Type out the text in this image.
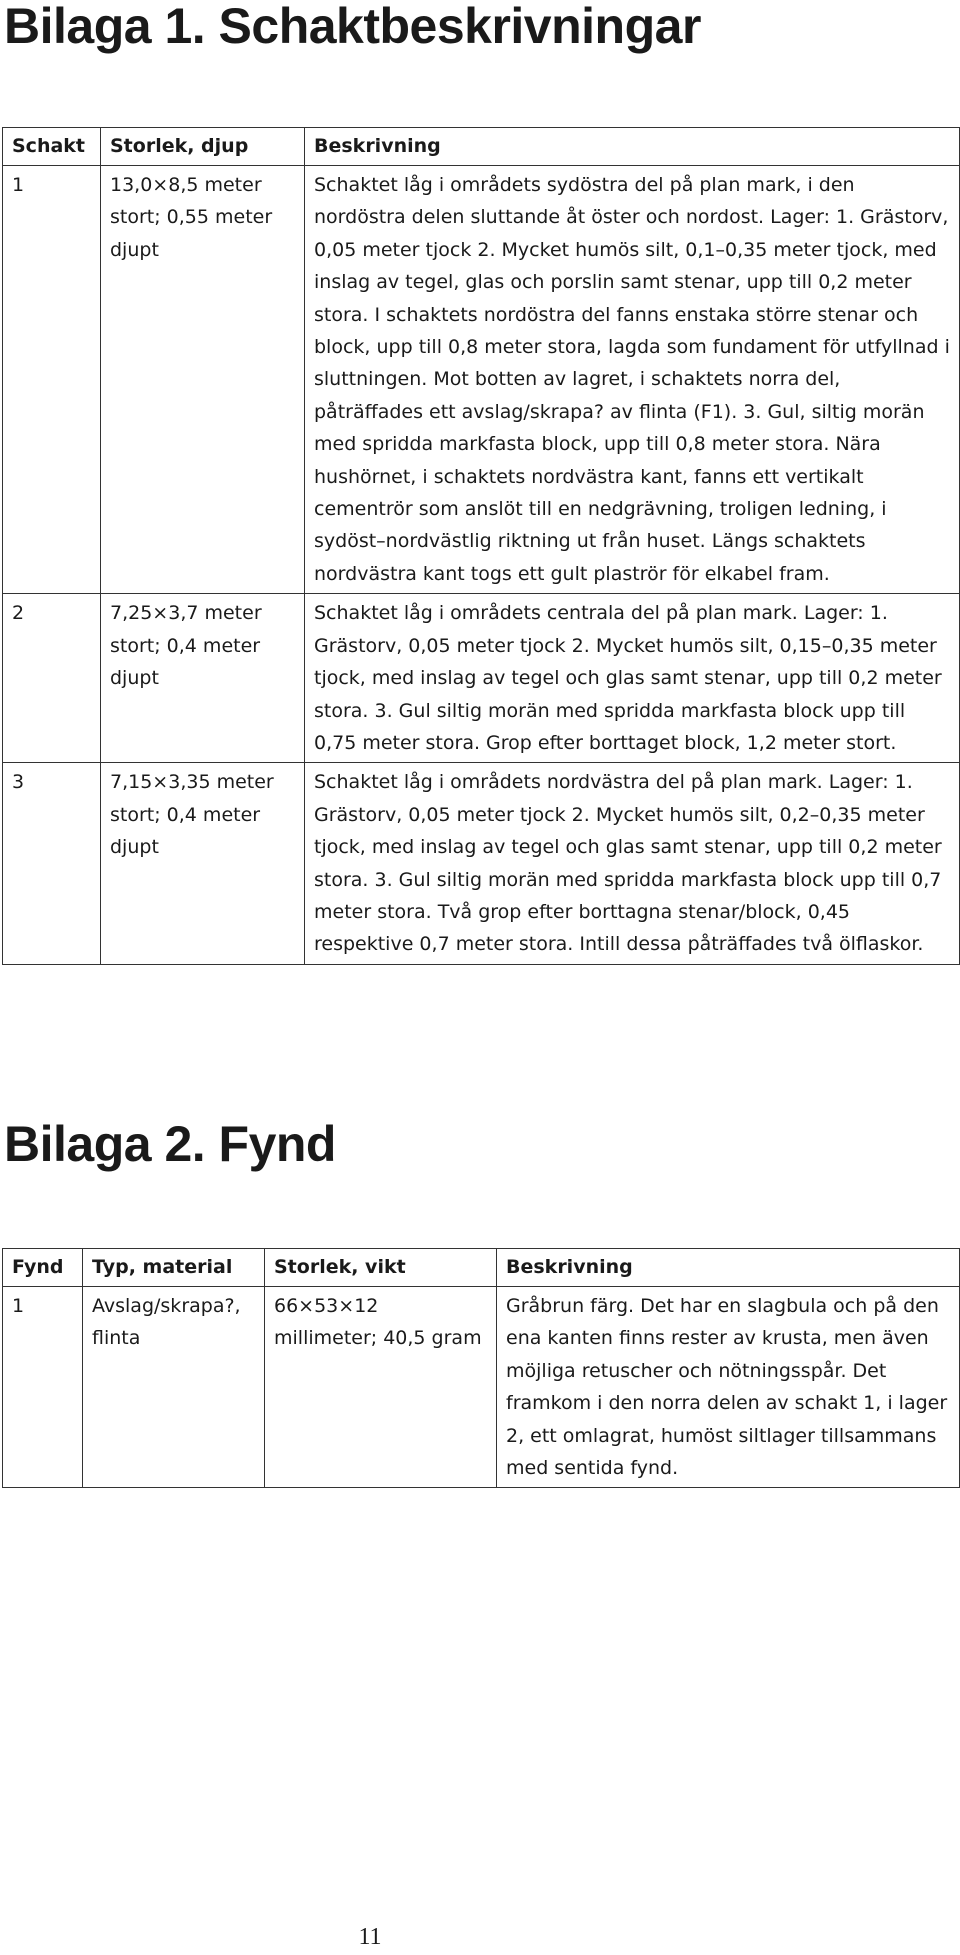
Bilaga 1. Schaktbeskrivningar
Schakt	Storlek, djup	Beskrivning
1	13,0×8,5 meter stort; 0,55 meter djupt	Schaktet låg i områdets sydöstra del på plan mark, i den nordöstra delen sluttande åt öster och nordost. Lager: 1. Grästorv, 0,05 meter tjock 2. Mycket humös silt, 0,1–0,35 meter tjock, med inslag av tegel, glas och porslin samt stenar, upp till 0,2 meter stora. I schaktets nordöstra del fanns enstaka större stenar och block, upp till 0,8 meter stora, lagda som fundament för utfyllnad i sluttningen. Mot botten av lagret, i schaktets norra del, påträffades ett avslag/skrapa? av flinta (F1). 3. Gul, siltig morän med spridda markfasta block, upp till 0,8 meter stora. Nära hushörnet, i schaktets nordvästra kant, fanns ett vertikalt cementrör som anslöt till en nedgrävning, troligen ledning, i sydöst–nordvästlig riktning ut från huset. Längs schaktets nordvästra kant togs ett gult plaströr för elkabel fram.
2	7,25×3,7 meter stort; 0,4 meter djupt	Schaktet låg i områdets centrala del på plan mark. Lager: 1. Grästorv, 0,05 meter tjock 2. Mycket humös silt, 0,15–0,35 meter tjock, med inslag av tegel och glas samt stenar, upp till 0,2 meter stora. 3. Gul siltig morän med spridda markfasta block upp till 0,75 meter stora. Grop efter borttaget block, 1,2 meter stort.
3	7,15×3,35 meter stort; 0,4 meter djupt	Schaktet låg i områdets nordvästra del på plan mark. Lager: 1. Grästorv, 0,05 meter tjock 2. Mycket humös silt, 0,2–0,35 meter tjock, med inslag av tegel och glas samt stenar, upp till 0,2 meter stora. 3. Gul siltig morän med spridda markfasta block upp till 0,7 meter stora. Två grop efter borttagna stenar/block, 0,45 respektive 0,7 meter stora. Intill dessa påträffades två ölflaskor.
Bilaga 2. Fynd
Fynd	Typ, material	Storlek, vikt	Beskrivning
1	Avslag/skrapa?, flinta	66×53×12 millimeter; 40,5 gram	Gråbrun färg. Det har en slagbula och på den ena kanten finns rester av krusta, men även möjliga retuscher och nötningsspår. Det framkom i den norra delen av schakt 1, i lager 2, ett omlagrat, humöst siltlager tillsammans med sentida fynd.
11
